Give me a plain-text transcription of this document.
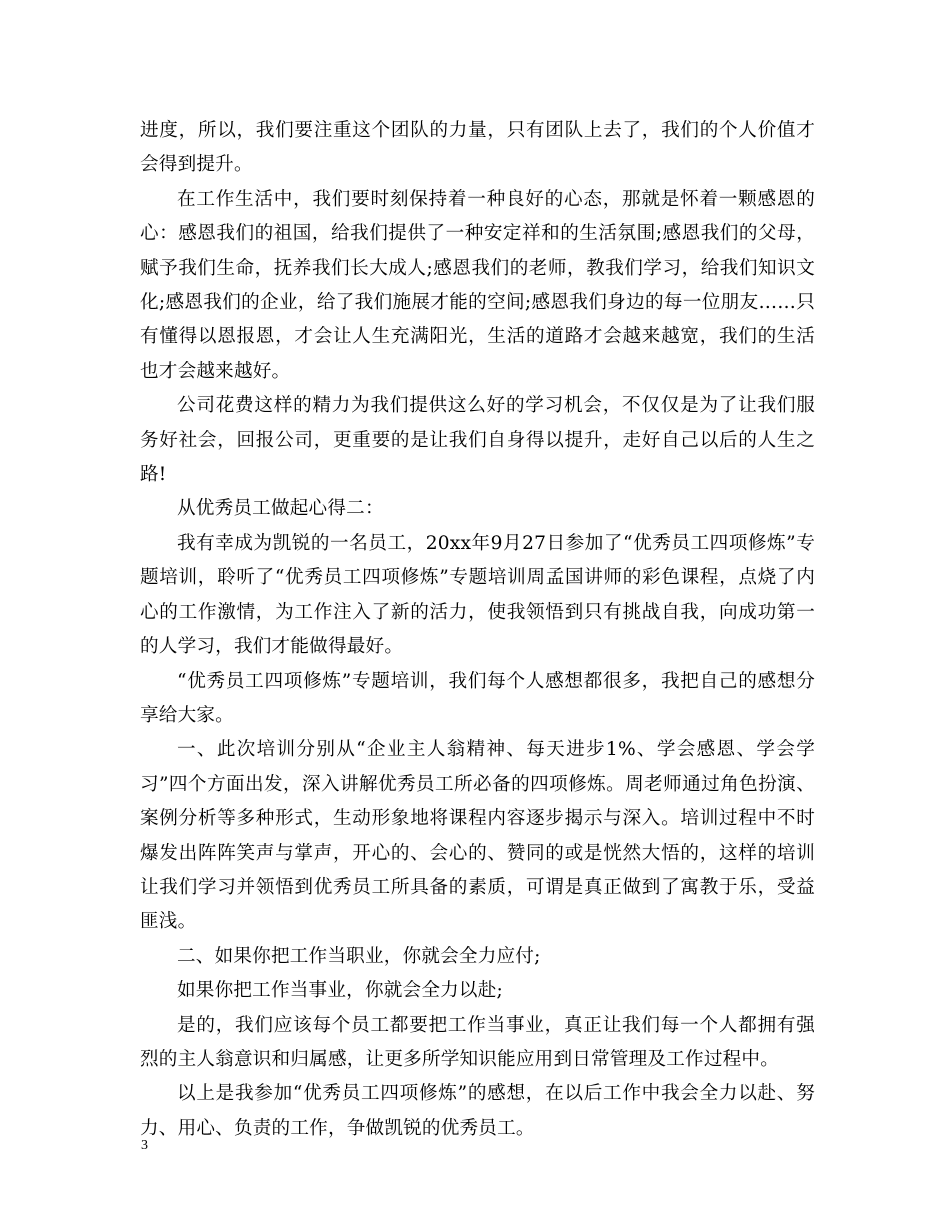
进度，所以，我们要注重这个团队的力量，只有团队上去了，我们的个人价值才会得到提升。

在工作生活中，我们要时刻保持着一种良好的心态，那就是怀着一颗感恩的心：感恩我们的祖国，给我们提供了一种安定祥和的生活氛围;感恩我们的父母，赋予我们生命，抚养我们长大成人;感恩我们的老师，教我们学习，给我们知识文化;感恩我们的企业，给了我们施展才能的空间;感恩我们身边的每一位朋友……只有懂得以恩报恩，才会让人生充满阳光，生活的道路才会越来越宽，我们的生活也才会越来越好。

公司花费这样的精力为我们提供这么好的学习机会，不仅仅是为了让我们服务好社会，回报公司，更重要的是让我们自身得以提升，走好自己以后的人生之路!

从优秀员工做起心得二：

我有幸成为凯锐的一名员工，20xx年9月27日参加了“优秀员工四项修炼”专题培训，聆听了“优秀员工四项修炼”专题培训周孟国讲师的彩色课程，点烧了内心的工作激情，为工作注入了新的活力，使我领悟到只有挑战自我，向成功第一的人学习，我们才能做得最好。

“优秀员工四项修炼”专题培训，我们每个人感想都很多，我把自己的感想分享给大家。

一、此次培训分别从“企业主人翁精神、每天进步1%、学会感恩、学会学习”四个方面出发，深入讲解优秀员工所必备的四项修炼。周老师通过角色扮演、案例分析等多种形式，生动形象地将课程内容逐步揭示与深入。培训过程中不时爆发出阵阵笑声与掌声，开心的、会心的、赞同的或是恍然大悟的，这样的培训让我们学习并领悟到优秀员工所具备的素质，可谓是真正做到了寓教于乐，受益匪浅。

二、如果你把工作当职业，你就会全力应付;

如果你把工作当事业，你就会全力以赴;

是的，我们应该每个员工都要把工作当事业，真正让我们每一个人都拥有强烈的主人翁意识和归属感，让更多所学知识能应用到日常管理及工作过程中。

以上是我参加“优秀员工四项修炼”的感想，在以后工作中我会全力以赴、努力、用心、负责的工作，争做凯锐的优秀员工。

3
